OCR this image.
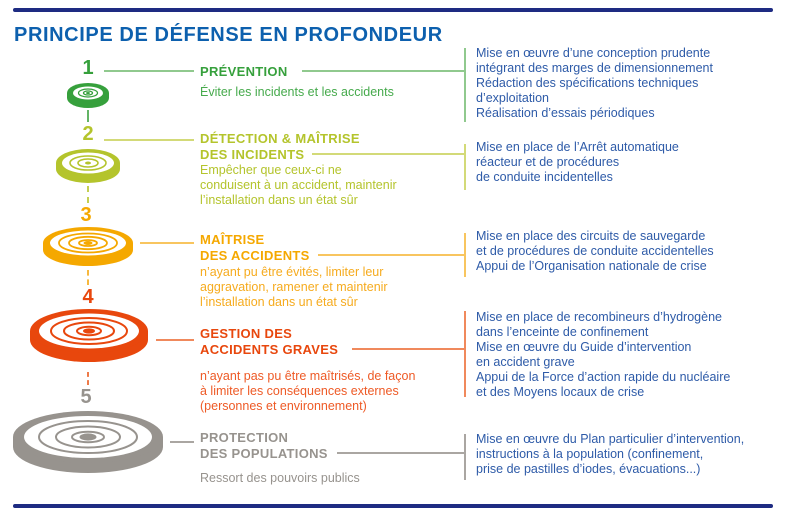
PRINCIPE DE DÉFENSE EN PROFONDEUR
1	PRÉVENTION
Éviter les incidents et les accidents
Mise en œuvre d’une conception prudente
intégrant des marges de dimensionnement
Rédaction des spécifications techniques
d’exploitation
Réalisation d’essais périodiques
2	DÉTECTION & MAÎTRISE
DES INCIDENTS
Empêcher que ceux-ci ne
conduisent à un accident, maintenir
l’installation dans un état sûr
Mise en place de l’Arrêt automatique
réacteur et de procédures
de conduite incidentelles
3
MAÎTRISE
DES ACCIDENTS
n’ayant pu être évités, limiter leur
aggravation, ramener et maintenir
l’installation dans un état sûr
Mise en place des circuits de sauvegarde
et de procédures de conduite accidentelles
Appui de l’Organisation nationale de crise
4
GESTION DES
ACCIDENTS GRAVES
n’ayant pas pu être maîtrisés, de façon
à limiter les conséquences externes
(personnes et environnement)
Mise en place de recombineurs d’hydrogène
dans l’enceinte de confinement
Mise en œuvre du Guide d’intervention
en accident grave
Appui de la Force d’action rapide du nucléaire
et des Moyens locaux de crise
5
PROTECTION
DES POPULATIONS
Ressort des pouvoirs publics
Mise en œuvre du Plan particulier d’intervention,
instructions à la population (confinement,
prise de pastilles d’iodes, évacuations...)
